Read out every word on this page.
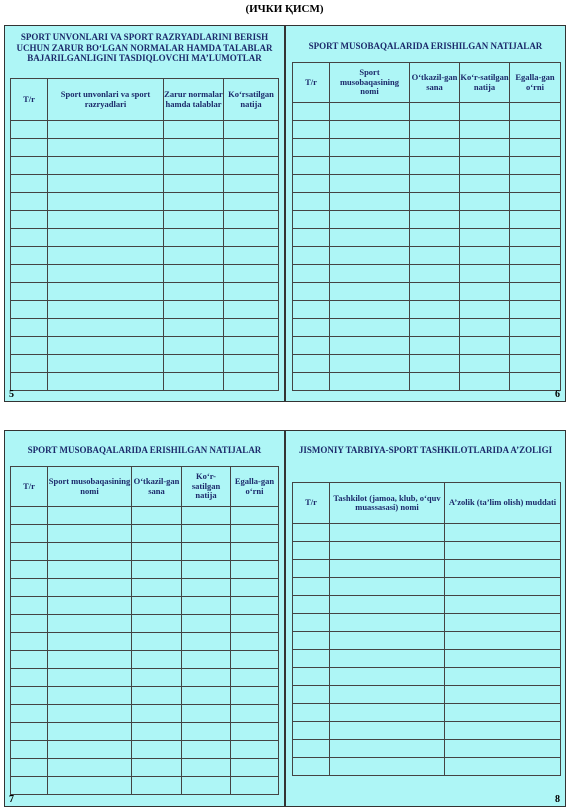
(ИЧКИ ҚИСМ)
SPORT UNVONLARI VA SPORT RAZRYADLARINI BERISH UCHUN ZARUR BO‘LGAN NORMALAR HAMDA TALABLAR BAJARILGANLIGINI TASDIQLOVCHI MA’LUMOTLAR
T/r	Sport unvonlari va sport razryadlari	Zarur normalar hamda talablar	Ko‘rsatilgan natija

5
SPORT MUSOBAQALARIDA ERISHILGAN NATIJALAR
T/r	Sport musobaqasining nomi	O‘tkazil-gan sana	Ko‘r-satilgan natija	Egalla-gan o‘rni

6
SPORT MUSOBAQALARIDA ERISHILGAN NATIJALAR
T/r	Sport musobaqasining nomi	O‘tkazil-gan sana	Ko‘r-satilgan natija	Egalla-gan o‘rni

7
JISMONIY TARBIYA-SPORT TASHKILOTLARIDA A’ZOLIGI
T/r	Tashkilot (jamoa, klub, o‘quv muassasasi) nomi	A’zolik (ta’lim olish) muddati

8
